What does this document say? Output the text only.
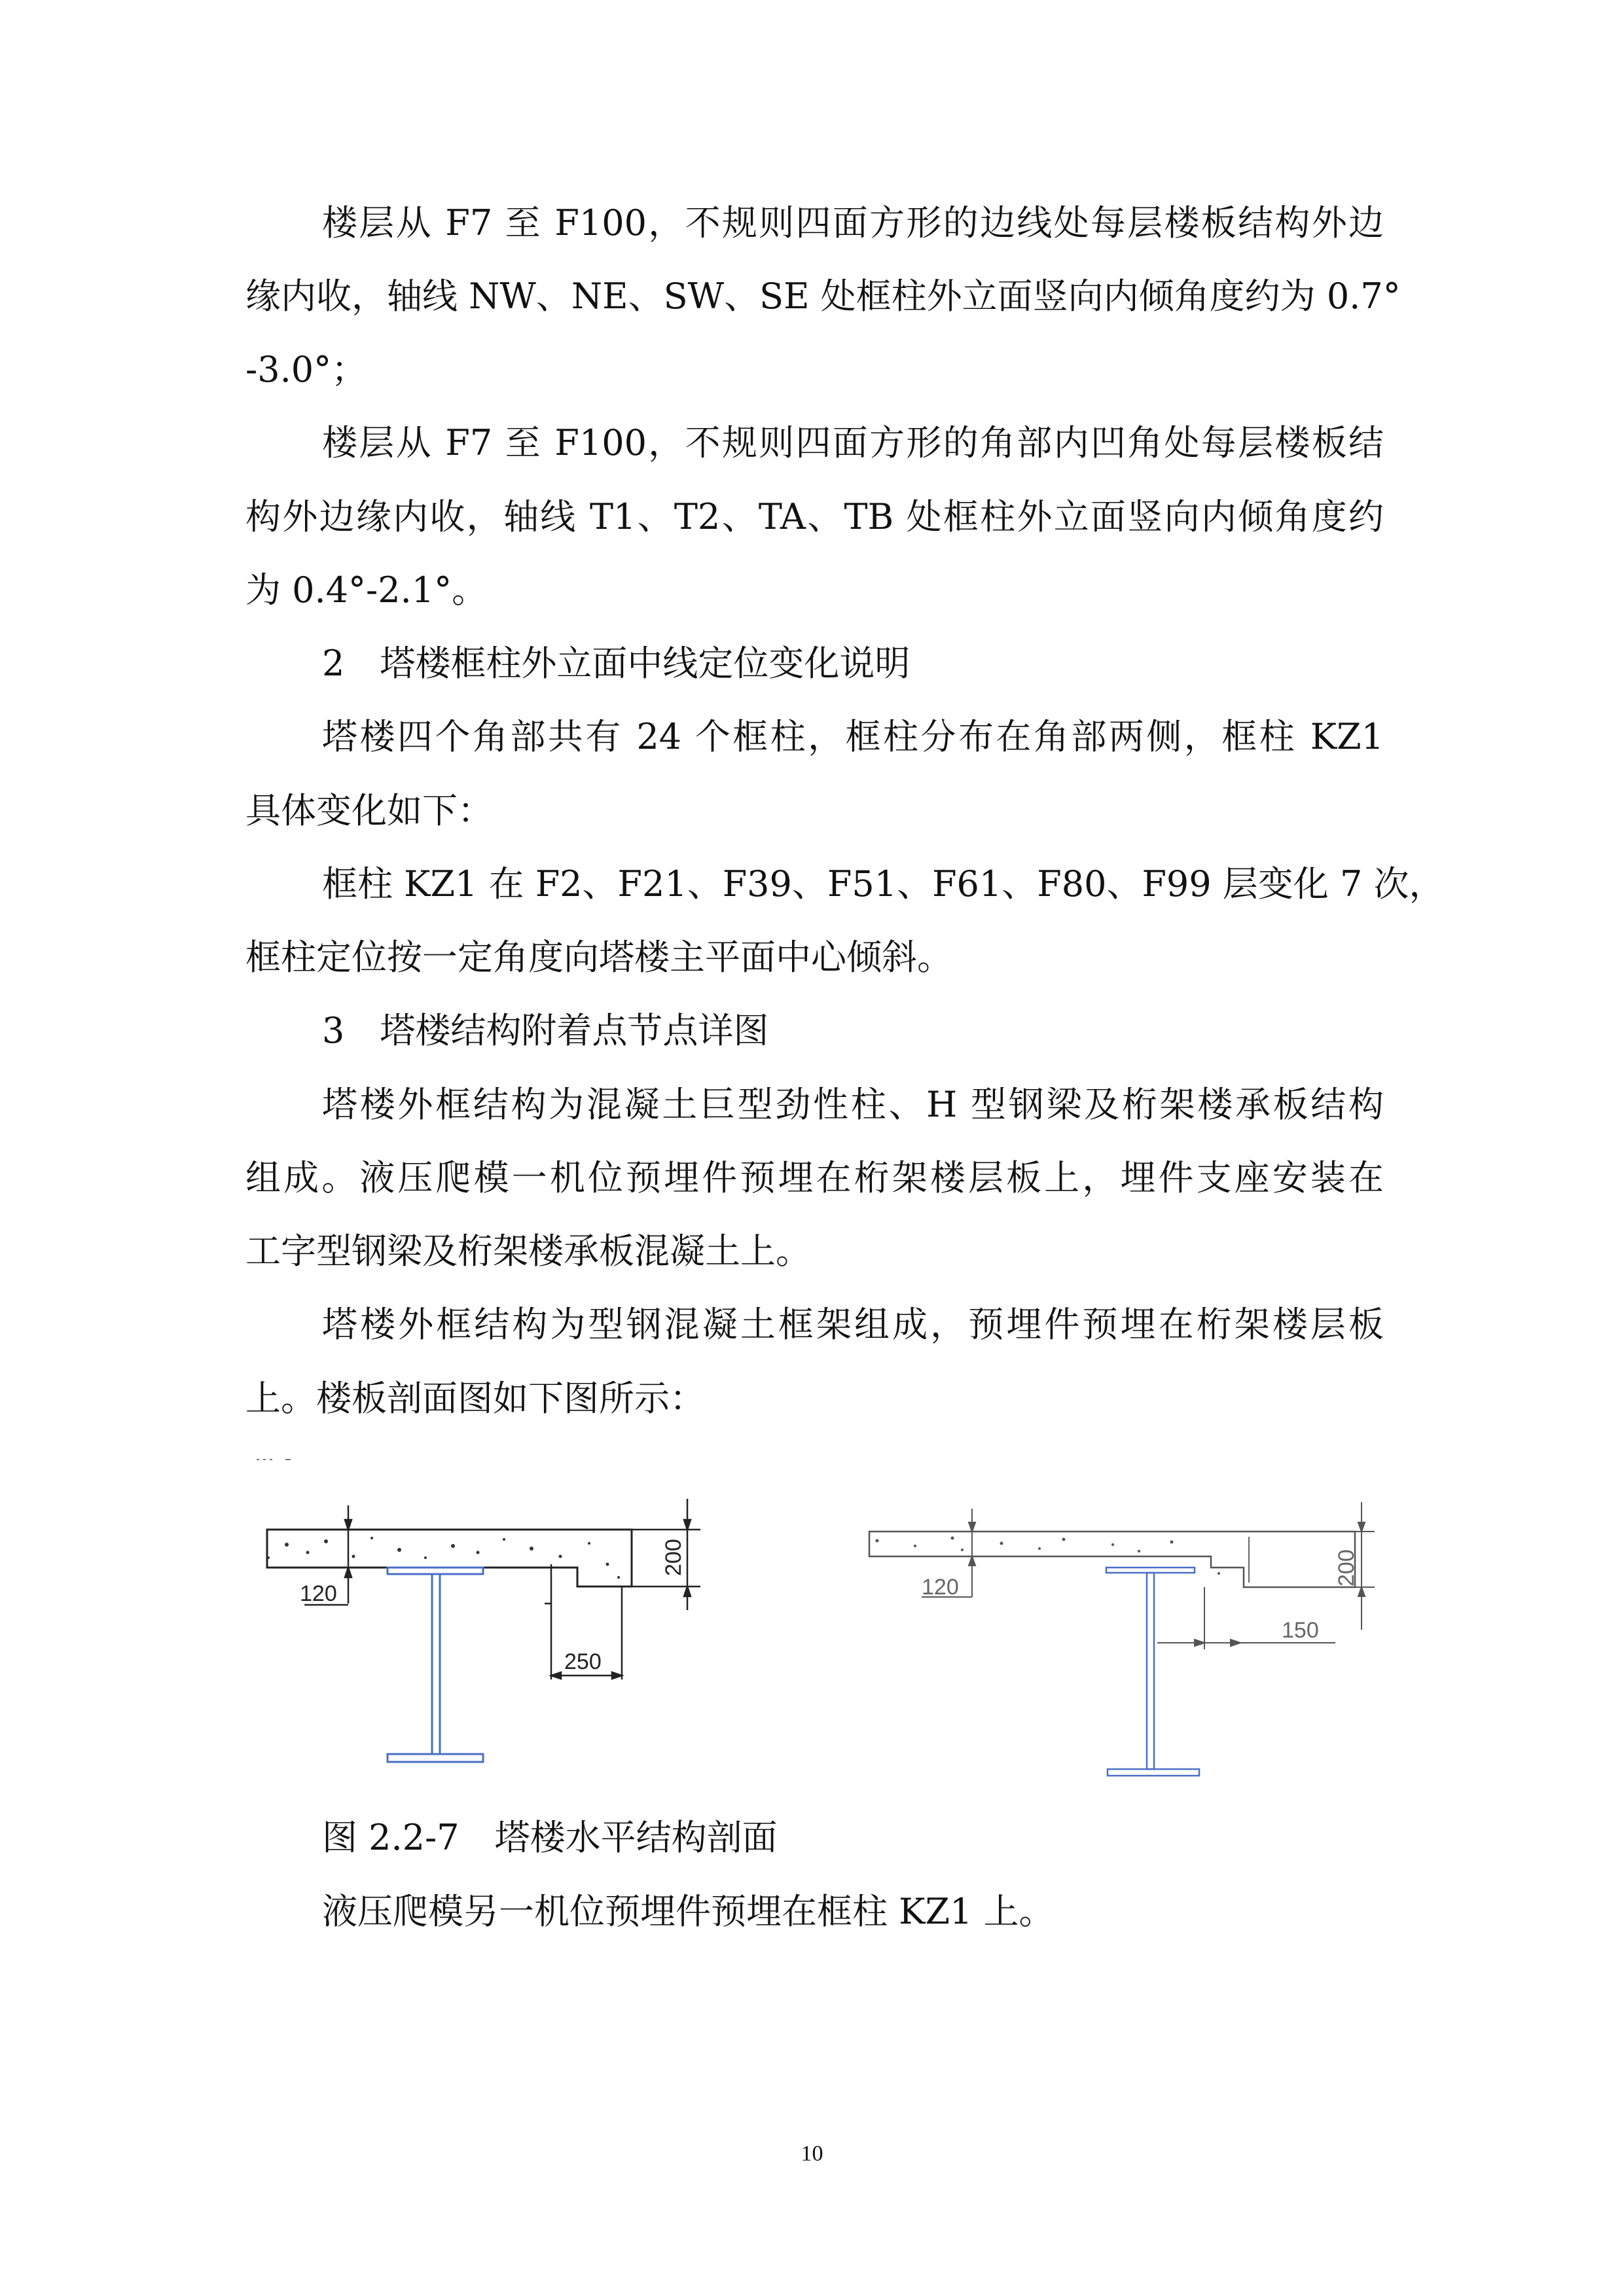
楼层从 F7 至 F100，不规则四面方形的边线处每层楼板结构外边
缘内收，轴线 NW、NE、SW、SE 处框柱外立面竖向内倾角度约为 0.7°
-3.0°；
楼层从 F7 至 F100，不规则四面方形的角部内凹角处每层楼板结
构外边缘内收，轴线 T1、T2、TA、TB 处框柱外立面竖向内倾角度约
为 0.4°-2.1°。
2　塔楼框柱外立面中线定位变化说明
塔楼四个角部共有 24 个框柱，框柱分布在角部两侧，框柱 KZ1
具体变化如下：
框柱 KZ1 在 F2、F21、F39、F51、F61、F80、F99 层变化 7 次，
框柱定位按一定角度向塔楼主平面中心倾斜。
3　塔楼结构附着点节点详图
塔楼外框结构为混凝土巨型劲性柱、H 型钢梁及桁架楼承板结构
组成。液压爬模一机位预埋件预埋在桁架楼层板上，埋件支座安装在
工字型钢梁及桁架楼承板混凝土上。
塔楼外框结构为型钢混凝土框架组成，预埋件预埋在桁架楼层板
上。楼板剖面图如下图所示：
120
200
250
120
200
150
图 2.2-7　塔楼水平结构剖面
液压爬模另一机位预埋件预埋在框柱 KZ1 上。
10
